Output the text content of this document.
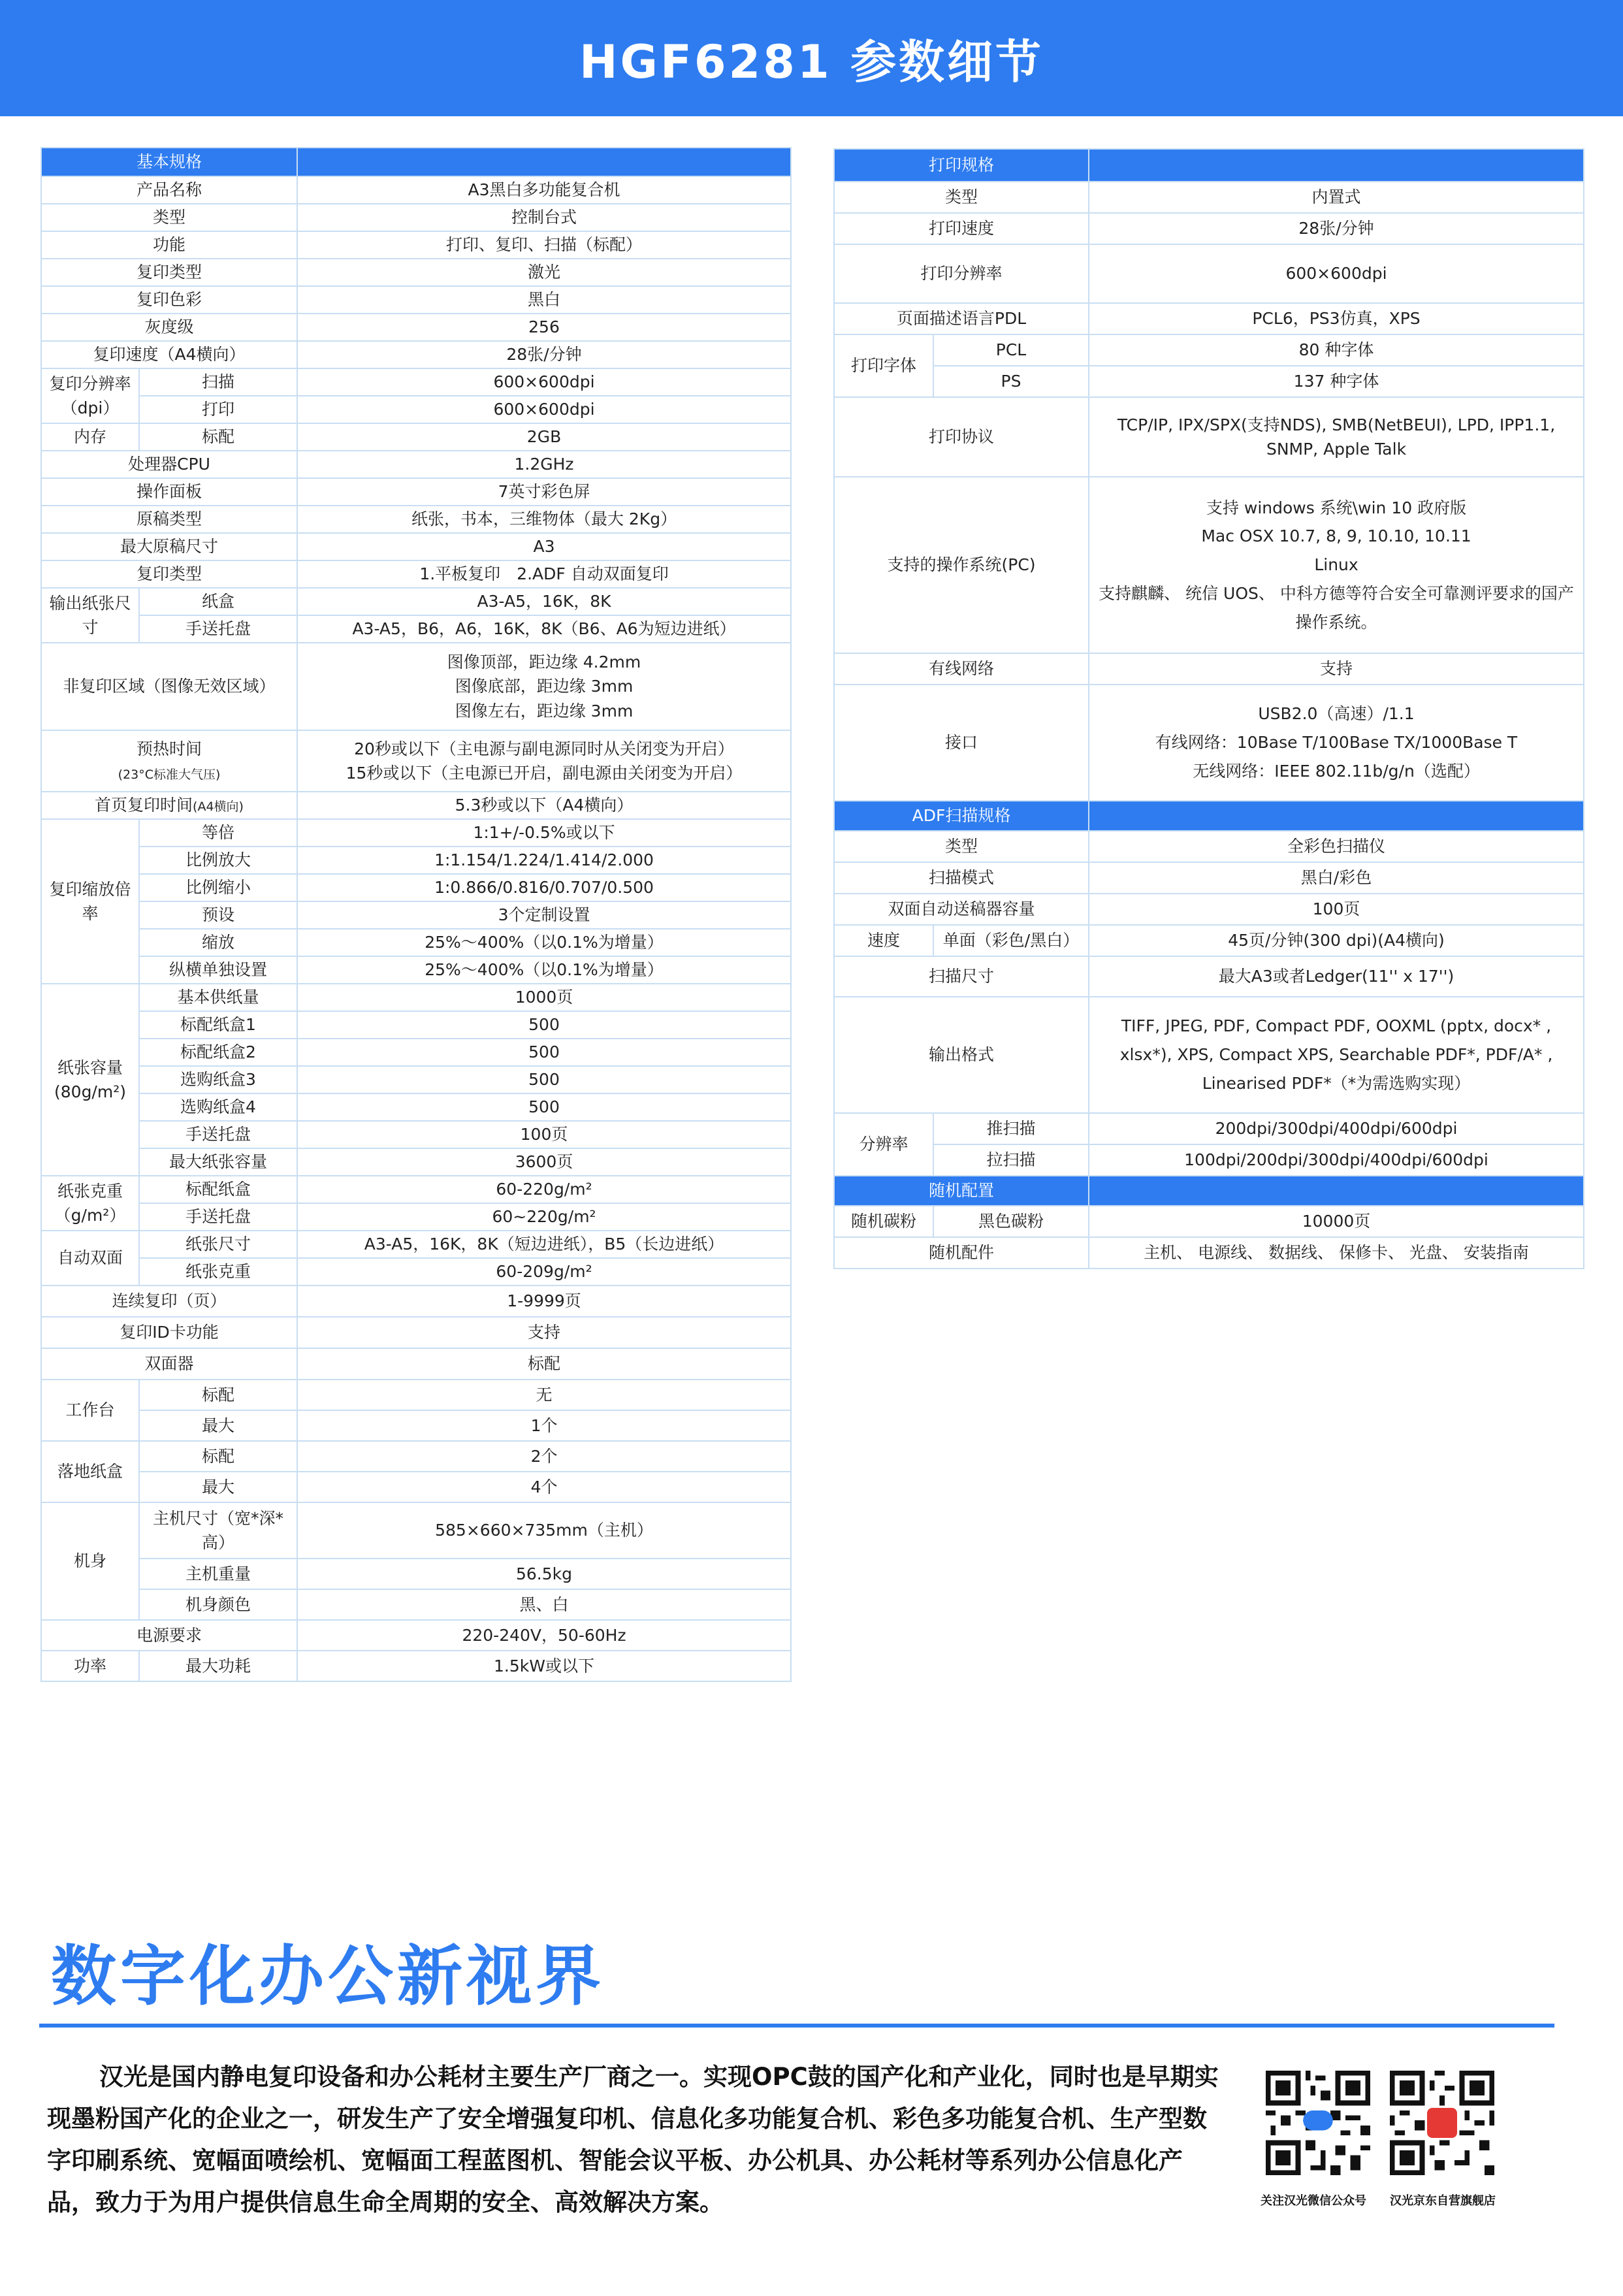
HGF6281 参数细节
基本规格		
产品名称		A3黑白多功能复合机
类型		控制台式
功能		打印、复印、扫描（标配）
复印类型		激光
复印色彩		黑白
灰度级		256
复印速度（A4横向）		28张/分钟
复印分辨率（dpi）	扫描	600×600dpi
	打印	600×600dpi
内存	标配	2GB
处理器CPU		1.2GHz
操作面板		7英寸彩色屏
原稿类型		纸张，书本，三维物体（最大 2Kg）
最大原稿尺寸		A3
复印类型		1.平板复印　2.ADF 自动双面复印
输出纸张尺寸	纸盒	A3-A5，16K，8K
	手送托盘	A3-A5，B6，A6，16K，8K（B6、A6为短边进纸）
非复印区域（图像无效区域）		图像顶部，距边缘 4.2mm
图像底部，距边缘 3mm
图像左右，距边缘 3mm
预热时间
(23°C标准大气压)		20秒或以下（主电源与副电源同时从关闭变为开启）
15秒或以下（主电源已开启，副电源由关闭变为开启）
首页复印时间(A4横向)		5.3秒或以下（A4横向）
复印缩放倍率	等倍	1:1+/-0.5%或以下
	比例放大	1:1.154/1.224/1.414/2.000
	比例缩小	1:0.866/0.816/0.707/0.500
	预设	3个定制设置
	缩放	25%～400%（以0.1%为增量）
	纵横单独设置	25%～400%（以0.1%为增量）
纸张容量(80g/m²)	基本供纸量	1000页
	标配纸盒1	500
	标配纸盒2	500
	选购纸盒3	500
	选购纸盒4	500
	手送托盘	100页
	最大纸张容量	3600页
纸张克重（g/m²）	标配纸盒	60-220g/m²
	手送托盘	60~220g/m²
自动双面	纸张尺寸	A3-A5，16K，8K（短边进纸），B5（长边进纸）
	纸张克重	60-209g/m²
连续复印（页）		1-9999页
复印ID卡功能		支持
双面器		标配
工作台	标配	无
	最大	1个
落地纸盒	标配	2个
	最大	4个
机身	主机尺寸（宽*深*高）	585×660×735mm（主机）
	主机重量	56.5kg
	机身颜色	黑、白
电源要求		220-240V，50-60Hz
功率	最大功耗	1.5kW或以下
打印规格		
类型		内置式
打印速度		28张/分钟
打印分辨率		600×600dpi
页面描述语言PDL		PCL6，PS3仿真，XPS
打印字体	PCL	80 种字体
	PS	137 种字体
打印协议		TCP/IP, IPX/SPX(支持NDS), SMB(NetBEUI), LPD, IPP1.1, SNMP, Apple Talk
支持的操作系统(PC)		支持 windows 系统\win 10 政府版
Mac OSX 10.7, 8, 9, 10.10, 10.11
Linux
支持麒麟、 统信 UOS、 中科方德等符合安全可靠测评要求的国产操作系统。
有线网络		支持
接口		USB2.0（高速）/1.1
有线网络：10Base T/100Base TX/1000Base T
无线网络：IEEE 802.11b/g/n（选配）
ADF扫描规格		
类型		全彩色扫描仪
扫描模式		黑白/彩色
双面自动送稿器容量		100页
速度	单面（彩色/黑白）	45页/分钟(300 dpi)(A4横向)
扫描尺寸		最大A3或者Ledger(11'' x 17'')
输出格式		TIFF, JPEG, PDF, Compact PDF, OOXML (pptx, docx* , xlsx*), XPS, Compact XPS, Searchable PDF*, PDF/A* , Linearised PDF*（*为需选购实现）
分辨率	推扫描	200dpi/300dpi/400dpi/600dpi
	拉扫描	100dpi/200dpi/300dpi/400dpi/600dpi
随机配置		
随机碳粉	黑色碳粉	10000页
随机配件		主机、 电源线、 数据线、 保修卡、 光盘、 安装指南
数字化办公新视界
汉光是国内静电复印设备和办公耗材主要生产厂商之一。实现OPC鼓的国产化和产业化，同时也是早期实现墨粉国产化的企业之一，研发生产了安全增强复印机、信息化多功能复合机、彩色多功能复合机、生产型数字印刷系统、宽幅面喷绘机、宽幅面工程蓝图机、智能会议平板、办公机具、办公耗材等系列办公信息化产品，致力于为用户提供信息生命全周期的安全、高效解决方案。	关注汉光微信公众号 汉光京东自营旗舰店
